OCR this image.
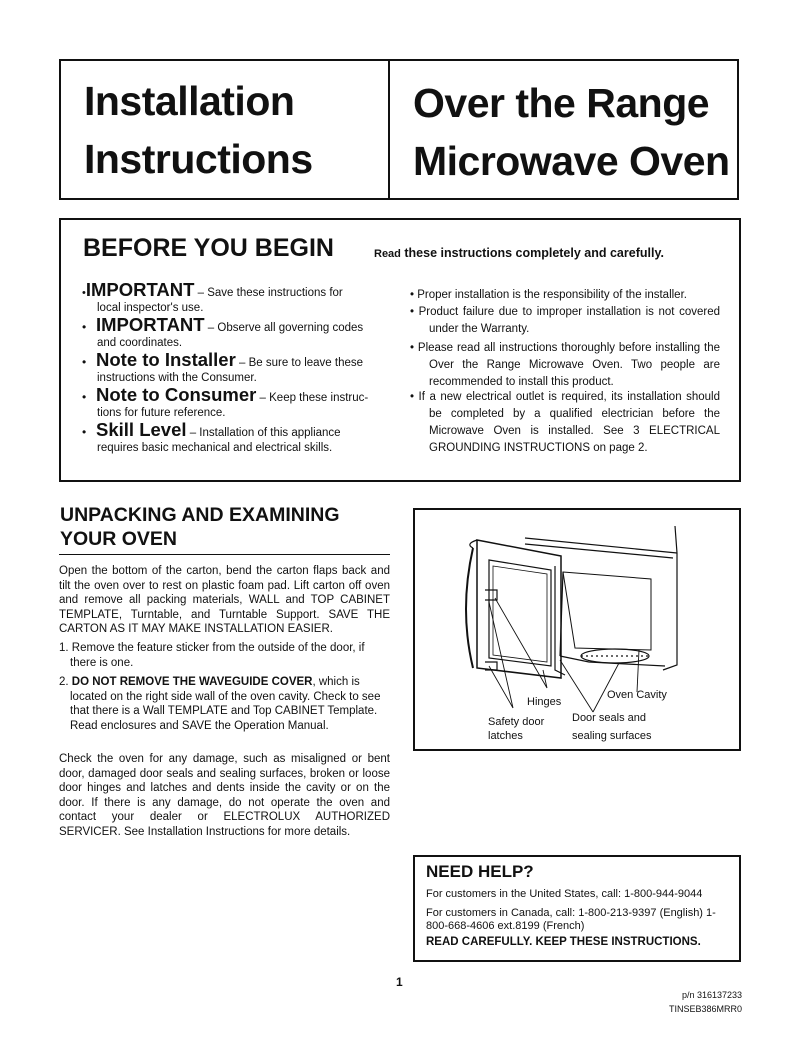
Installation
Instructions
Over the Range
Microwave Oven
BEFORE YOU BEGIN	Read these instructions completely and carefully.
•IMPORTANT – Save these instructions for
local inspector's use.
• IMPORTANT – Observe all governing codes
and coordinates.
• Note to Installer – Be sure to leave these
instructions with the Consumer.
• Note to Consumer – Keep these instruc-
tions for future reference.
• Skill Level – Installation of this appliance
requires basic mechanical and electrical skills.
• Proper installation is the responsibility of the installer.
• Product failure due to improper installation is not covered under the Warranty.
• Please read all instructions thoroughly before installing the Over the Range Microwave Oven. Two people are recommended to install this product.
• If a new electrical outlet is required, its installation should be completed by a qualified electrician before the Microwave Oven is installed. See 3 ELECTRICAL GROUNDING INSTRUCTIONS on page 2.
UNPACKING AND EXAMINING YOUR OVEN
Open the bottom of the carton, bend the carton flaps back and tilt the oven over to rest on plastic foam pad. Lift carton off oven and remove all packing materials, WALL and TOP CABINET TEMPLATE, Turntable, and Turntable Support. SAVE THE CARTON AS IT MAY MAKE INSTALLATION EASIER.
1. Remove the feature sticker from the outside of the door, if there is one.
2. DO NOT REMOVE THE WAVEGUIDE COVER, which is located on the right side wall of the oven cavity. Check to see that there is a Wall TEMPLATE and Top CABINET Template. Read enclosures and SAVE the Operation Manual.
Check the oven for any damage, such as misaligned or bent door, damaged door seals and sealing surfaces, broken or loose door hinges and latches and dents inside the cavity or on the door. If there is any damage, do not operate the oven and contact your dealer or ELECTROLUX AUTHORIZED SERVICER. See Installation Instructions for more details.
Hinges
Oven Cavity
Safety door
latches
Door seals and
sealing surfaces
NEED HELP?
For customers in the United States, call: 1-800-944-9044
For customers in Canada, call: 1-800-213-9397 (English) 1-800-668-4606 ext.8199 (French)
READ CAREFULLY. KEEP THESE INSTRUCTIONS.
1
p/n 316137233
TINSEB386MRR0
